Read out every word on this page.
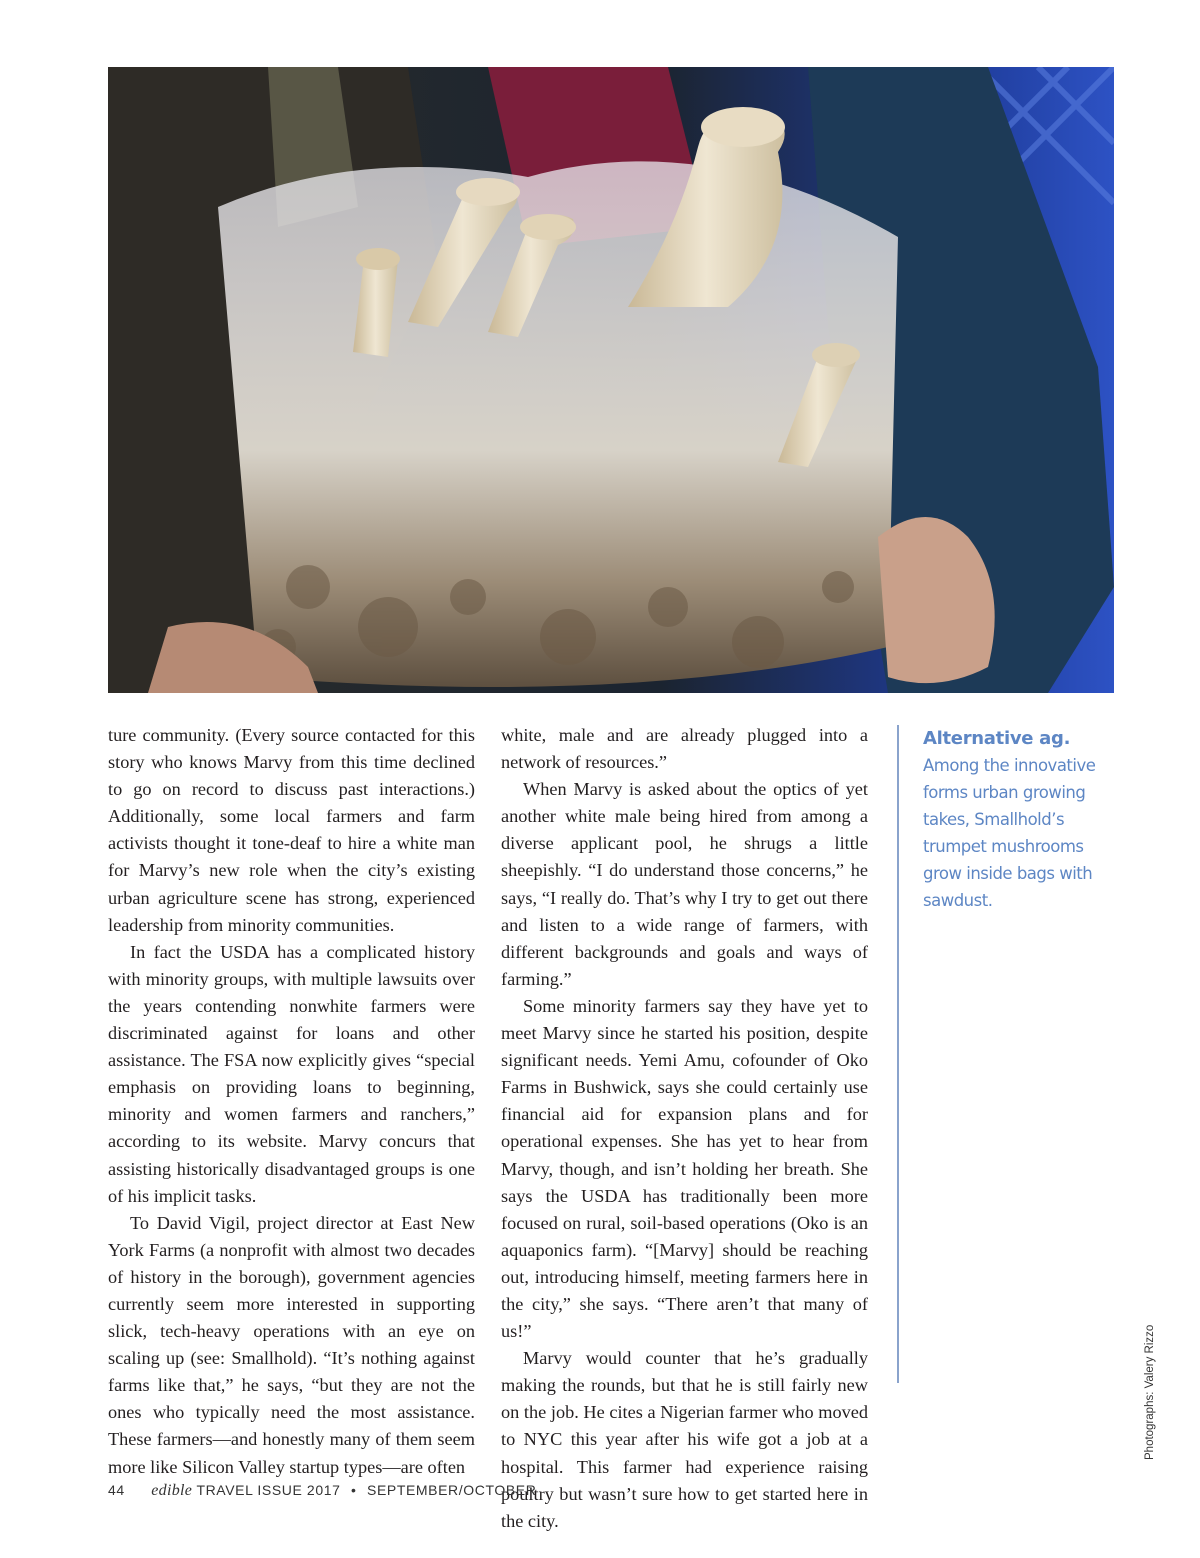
ture community. (Every source contacted for this story who knows Marvy from this time declined to go on record to discuss past interactions.) Additionally, some local farmers and farm activists thought it tone-deaf to hire a white man for Marvy’s new role when the city’s existing urban agriculture scene has strong, experienced leadership from minority communities.

In fact the USDA has a complicated history with minority groups, with multiple lawsuits over the years contending nonwhite farmers were discriminated against for loans and other assistance. The FSA now explicitly gives “special emphasis on providing loans to beginning, minority and women farmers and ranchers,” according to its website. Marvy concurs that assisting historically disadvantaged groups is one of his implicit tasks.

To David Vigil, project director at East New York Farms (a nonprofit with almost two decades of history in the borough), government agencies currently seem more interested in supporting slick, tech-heavy operations with an eye on scaling up (see: Smallhold). “It’s nothing against farms like that,” he says, “but they are not the ones who typically need the most assistance. These farmers—and honestly many of them seem more like Silicon Valley startup types—are often

white, male and are already plugged into a network of resources.”

When Marvy is asked about the optics of yet another white male being hired from among a diverse applicant pool, he shrugs a little sheepishly. “I do understand those concerns,” he says, “I really do. That’s why I try to get out there and listen to a wide range of farmers, with different backgrounds and goals and ways of farming.”

Some minority farmers say they have yet to meet Marvy since he started his position, despite significant needs. Yemi Amu, cofounder of Oko Farms in Bushwick, says she could certainly use financial aid for expansion plans and for operational expenses. She has yet to hear from Marvy, though, and isn’t holding her breath. She says the USDA has traditionally been more focused on rural, soil-based operations (Oko is an aquaponics farm). “[Marvy] should be reaching out, introducing himself, meeting farmers here in the city,” she says. “There aren’t that many of us!”

Marvy would counter that he’s gradually making the rounds, but that he is still fairly new on the job. He cites a Nigerian farmer who moved to NYC this year after his wife got a job at a hospital. This farmer had experience raising poultry but wasn’t sure how to get started here in the city.

Alternative ag.
Among the innovative forms urban growing takes, Smallhold’s trumpet mushrooms grow inside bags with sawdust.
Photographs: Valery Rizzo
44 edible TRAVEL ISSUE 2017 • SEPTEMBER/OCTOBER
